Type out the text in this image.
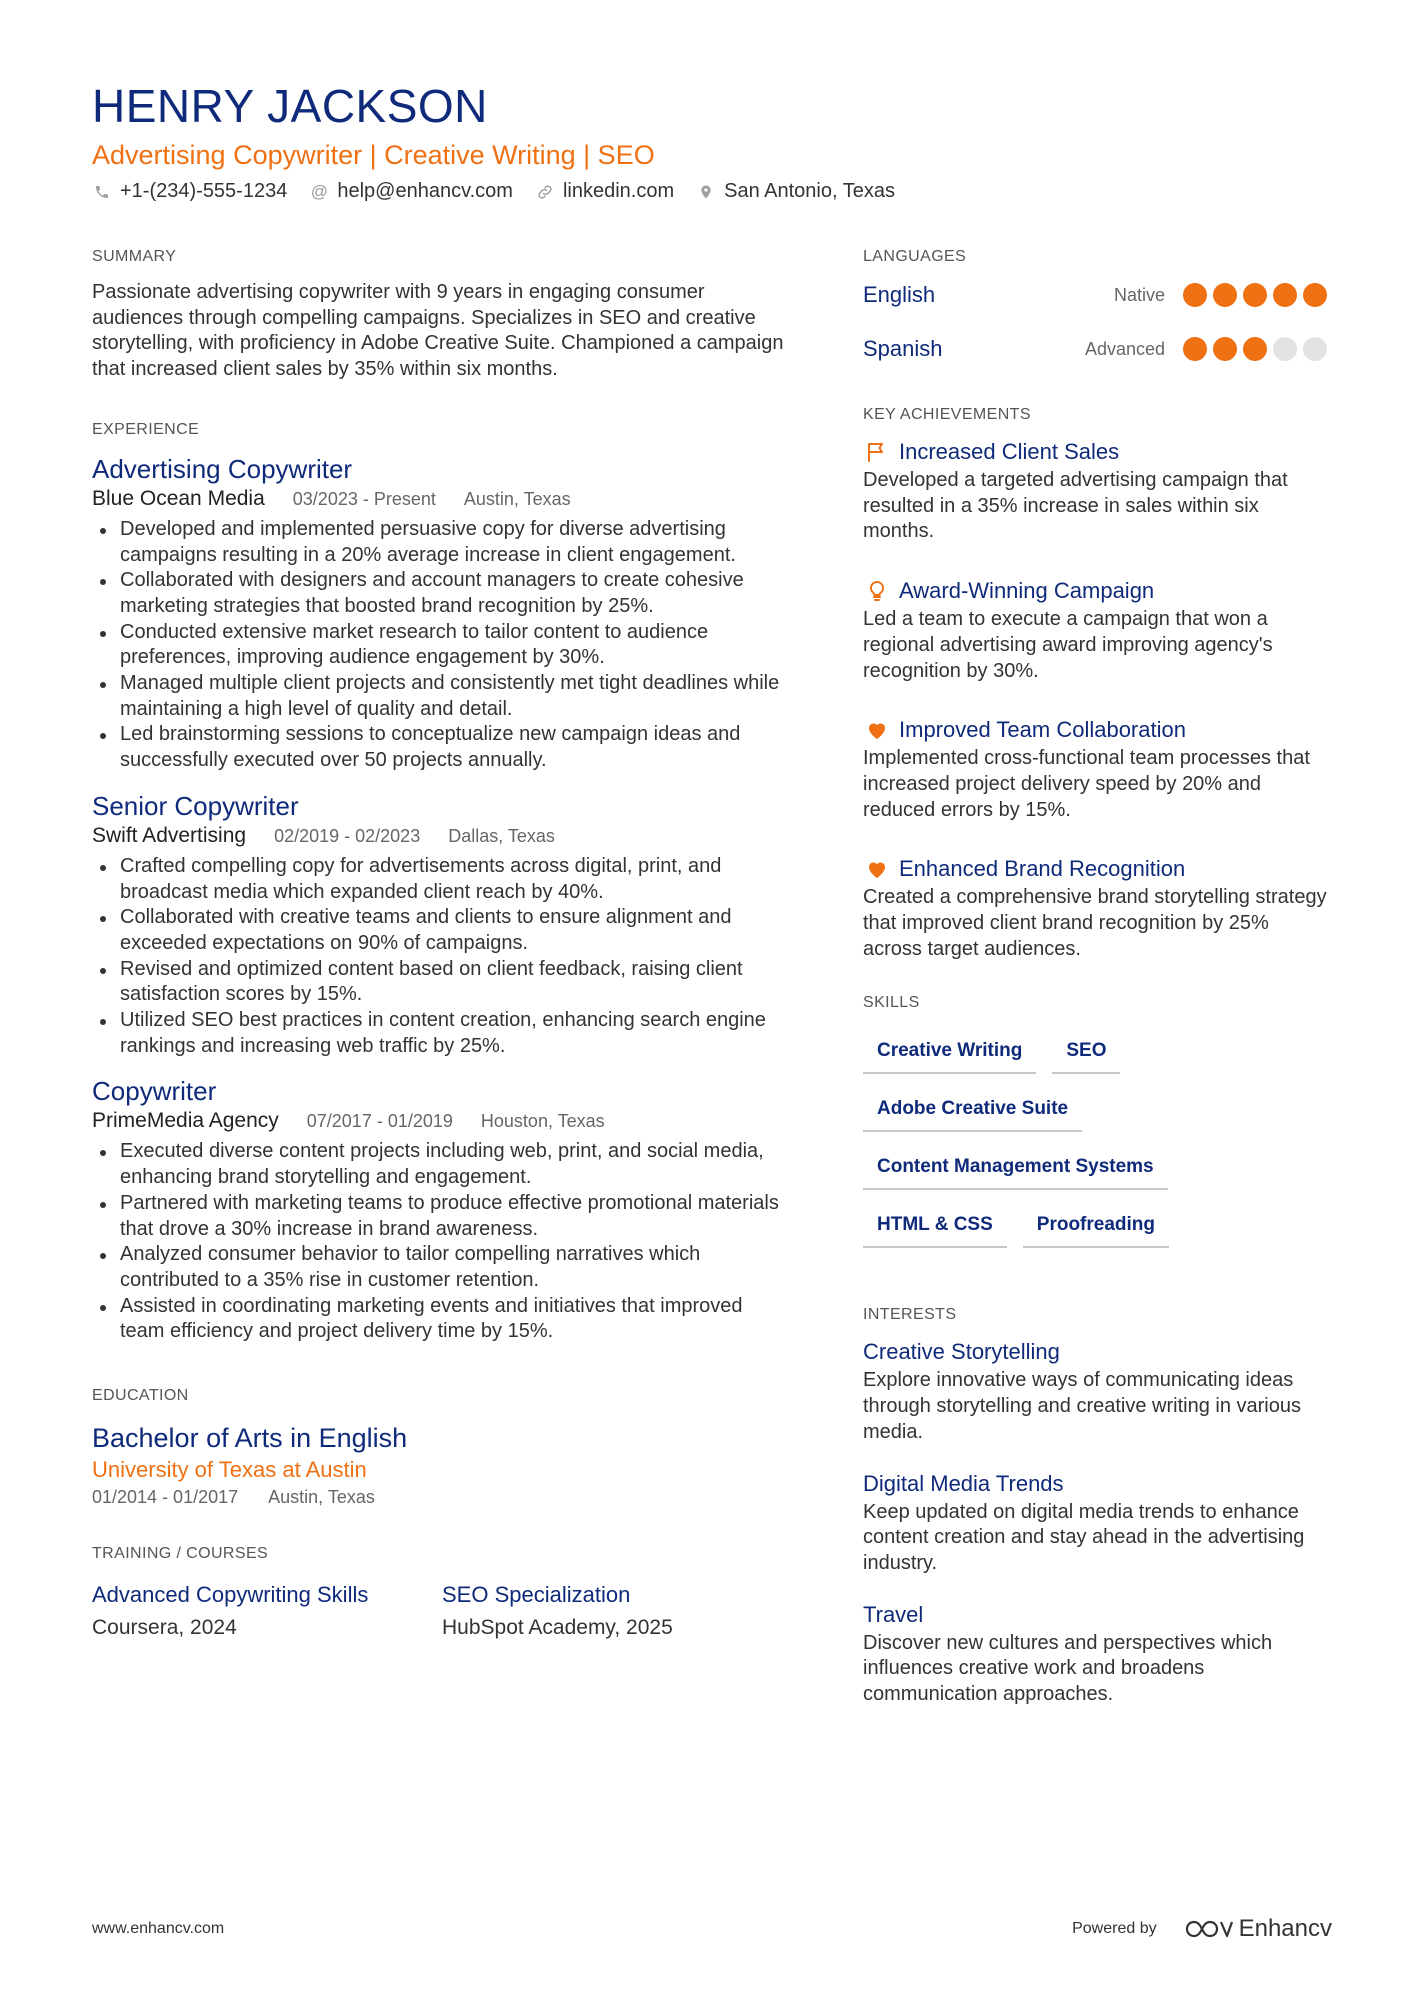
HENRY JACKSON
Advertising Copywriter | Creative Writing | SEO
+1-(234)-555-1234 @ help@enhancv.com	linkedin.com	San Antonio, Texas
SUMMARY
Passionate advertising copywriter with 9 years in engaging consumer audiences through compelling campaigns. Specializes in SEO and creative storytelling, with proficiency in Adobe Creative Suite. Championed a campaign that increased client sales by 35% within six months.
EXPERIENCE
Advertising Copywriter
Blue Ocean Media 03/2023 - Present Austin, Texas
Developed and implemented persuasive copy for diverse advertising campaigns resulting in a 20% average increase in client engagement.
Collaborated with designers and account managers to create cohesive marketing strategies that boosted brand recognition by 25%.
Conducted extensive market research to tailor content to audience preferences, improving audience engagement by 30%.
Managed multiple client projects and consistently met tight deadlines while maintaining a high level of quality and detail.
Led brainstorming sessions to conceptualize new campaign ideas and successfully executed over 50 projects annually.
Senior Copywriter
Swift Advertising 02/2019 - 02/2023 Dallas, Texas
Crafted compelling copy for advertisements across digital, print, and broadcast media which expanded client reach by 40%.
Collaborated with creative teams and clients to ensure alignment and exceeded expectations on 90% of campaigns.
Revised and optimized content based on client feedback, raising client satisfaction scores by 15%.
Utilized SEO best practices in content creation, enhancing search engine rankings and increasing web traffic by 25%.
Copywriter
PrimeMedia Agency 07/2017 - 01/2019 Houston, Texas
Executed diverse content projects including web, print, and social media, enhancing brand storytelling and engagement.
Partnered with marketing teams to produce effective promotional materials that drove a 30% increase in brand awareness.
Analyzed consumer behavior to tailor compelling narratives which contributed to a 35% rise in customer retention.
Assisted in coordinating marketing events and initiatives that improved team efficiency and project delivery time by 15%.
EDUCATION
Bachelor of Arts in English
University of Texas at Austin
01/2014 - 01/2017 Austin, Texas
TRAINING / COURSES
Advanced Copywriting Skills
Coursera, 2024
SEO Specialization
HubSpot Academy, 2025
LANGUAGES
English	Native
Spanish	Advanced
KEY ACHIEVEMENTS
Increased Client Sales
Developed a targeted advertising campaign that resulted in a 35% increase in sales within six months.
Award-Winning Campaign
Led a team to execute a campaign that won a regional advertising award improving agency's recognition by 30%.
Improved Team Collaboration
Implemented cross-functional team processes that increased project delivery speed by 20% and reduced errors by 15%.
Enhanced Brand Recognition
Created a comprehensive brand storytelling strategy that improved client brand recognition by 25% across target audiences.
SKILLS
Creative Writing	SEO
Adobe Creative Suite
Content Management Systems
HTML & CSS	Proofreading
INTERESTS
Creative Storytelling
Explore innovative ways of communicating ideas through storytelling and creative writing in various media.
Digital Media Trends
Keep updated on digital media trends to enhance content creation and stay ahead in the advertising industry.
Travel
Discover new cultures and perspectives which influences creative work and broadens communication approaches.
www.enhancv.com	Powered by	Enhancv
